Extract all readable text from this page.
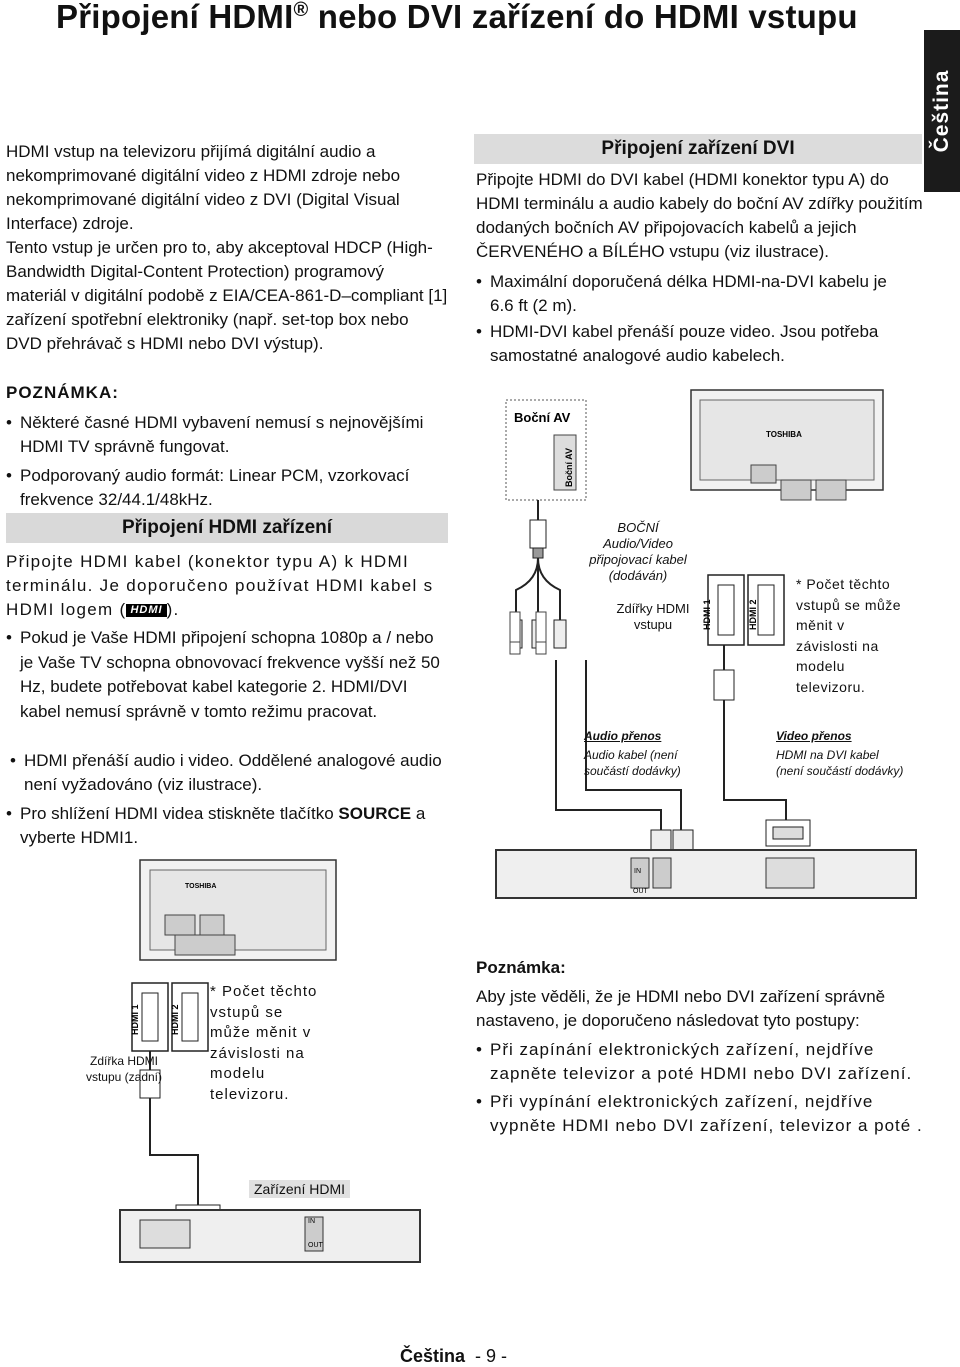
Připojení HDMI® nebo DVI zařízení do HDMI vstupu
Čeština
HDMI vstup na televizoru přijímá digitální audio a nekomprimované digitální video z HDMI zdroje nebo nekomprimované digitální video z DVI (Digital Visual Interface) zdroje.
Tento vstup je určen pro to, aby akceptoval HDCP (High-Bandwidth Digital-Content Protection) programový materiál v digitální podobě z EIA/CEA-861-D–compliant [1] zařízení spotřební elektroniky (např. set-top box nebo DVD přehrávač s HDMI nebo DVI výstup).
POZNÁMKA:
• Některé časné HDMI vybavení nemusí s nejnovějšími HDMI TV správně fungovat.
• Podporovaný audio formát: Linear PCM, vzorkovací frekvence 32/44.1/48kHz.
Připojení HDMI zařízení
Připojte HDMI kabel (konektor typu A) k HDMI terminálu. Je doporučeno používat HDMI kabel s HDMI logem ( HDMI ).
• Pokud je Vaše HDMI připojení schopna 1080p a / nebo je Vaše TV schopna obnovovací frekvence vyšší než 50 Hz, budete potřebovat kabel kategorie 2. HDMI/DVI kabel nemusí správně v tomto režimu pracovat.
• HDMI přenáší audio i video. Oddělené analogové audio není vyžadováno (viz ilustrace).
• Pro shlížení HDMI videa stiskněte tlačítko SOURCE a vyberte HDMI1.
Připojení zařízení DVI
Připojte HDMI do DVI kabel (HDMI konektor typu A) do HDMI terminálu a audio kabely do boční AV zdířky použitím dodaných bočních AV připojovacích kabelů a jejich ČERVENÉHO a BÍLÉHO vstupu (viz ilustrace).
• Maximální doporučená délka HDMI-na-DVI kabelu je 6.6 ft (2 m).
• HDMI-DVI kabel přenáší pouze video. Jsou potřeba samostatné analogové audio kabelech.
Poznámka:
Aby jste věděli, že je HDMI nebo DVI zařízení správně nastaveno, je doporučeno následovat tyto postupy:
• Při zapínání elektronických zařízení, nejdříve zapněte televizor a poté HDMI nebo DVI zařízení.
• Při vypínání elektronických zařízení, nejdříve vypněte HDMI nebo DVI zařízení, televizor a poté .
Boční AV
Boční AV
TOSHIBA
HDMI 1	HDMI 2
IN
OUT
BOČNÍ Audio/Video připojovací kabel (dodáván)
Zdířky HDMI vstupu
* Počet těchto vstupů se může měnit v závislosti na modelu televizoru.
Audio přenos
Audio kabel (není součástí dodávky)
Video přenos
HDMI na DVI kabel (není součástí dodávky)
TOSHIBA
HDMI 1	HDMI 2
IN
OUT
Zdířka HDMI vstupu (zadní)
* Počet těchto vstupů se může měnit v závislosti na modelu televizoru.
Zařízení HDMI
Čeština - 9 -
